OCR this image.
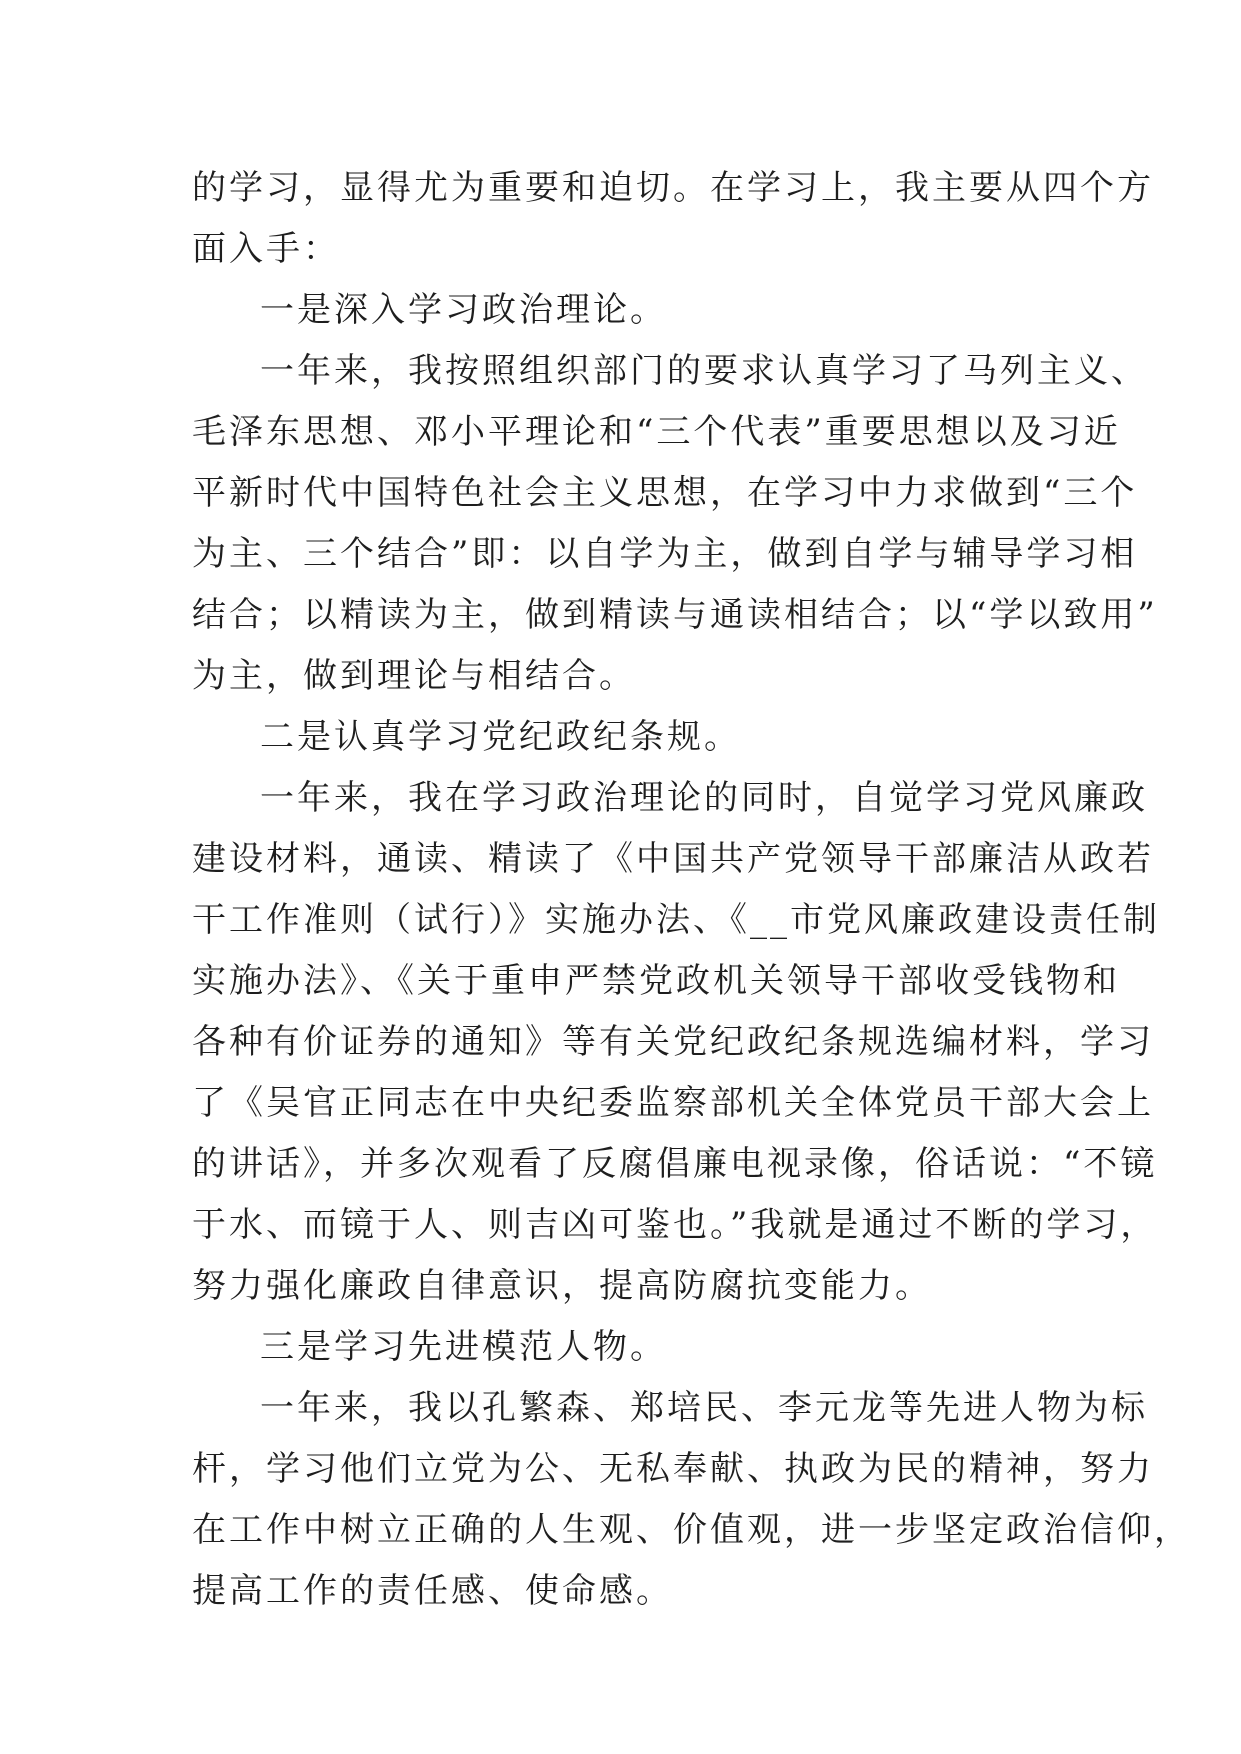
的学习，显得尤为重要和迫切。在学习上，我主要从四个方
面入手：
一是深入学习政治理论。
一年来，我按照组织部门的要求认真学习了马列主义、
毛泽东思想、邓小平理论和“三个代表”重要思想以及习近
平新时代中国特色社会主义思想，在学习中力求做到“三个
为主、三个结合”即：以自学为主，做到自学与辅导学习相
结合；以精读为主，做到精读与通读相结合；以“学以致用”
为主，做到理论与相结合。
二是认真学习党纪政纪条规。
一年来，我在学习政治理论的同时，自觉学习党风廉政
建设材料，通读、精读了《中国共产党领导干部廉洁从政若
干工作准则（试行）》实施办法、《__市党风廉政建设责任制
实施办法》、《关于重申严禁党政机关领导干部收受钱物和
各种有价证券的通知》等有关党纪政纪条规选编材料，学习
了《吴官正同志在中央纪委监察部机关全体党员干部大会上
的讲话》，并多次观看了反腐倡廉电视录像，俗话说：“不镜
于水、而镜于人、则吉凶可鉴也。”我就是通过不断的学习，
努力强化廉政自律意识，提高防腐抗变能力。
三是学习先进模范人物。
一年来，我以孔繁森、郑培民、李元龙等先进人物为标
杆，学习他们立党为公、无私奉献、执政为民的精神，努力
在工作中树立正确的人生观、价值观，进一步坚定政治信仰，
提高工作的责任感、使命感。
